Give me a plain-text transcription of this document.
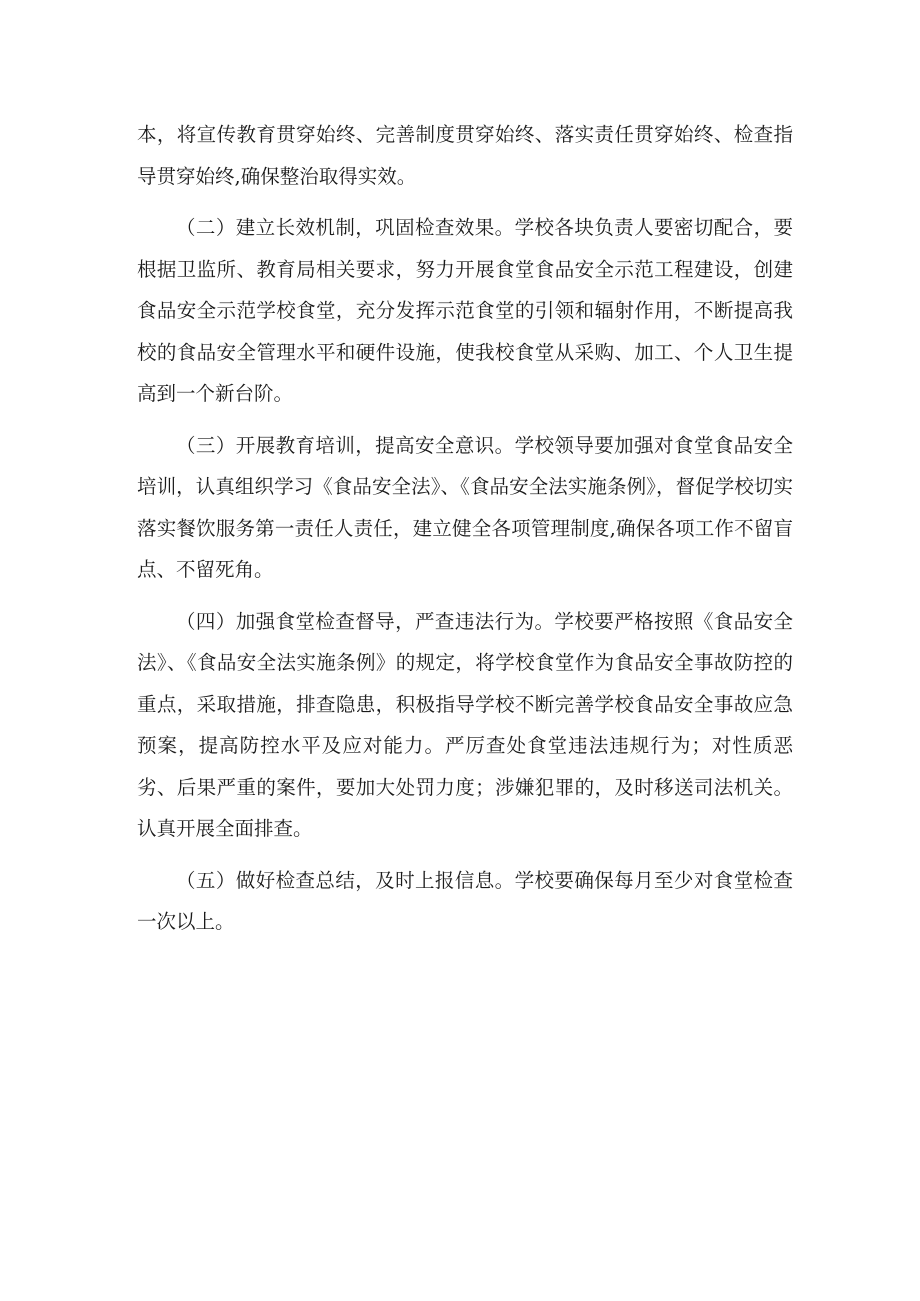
本，将宣传教育贯穿始终、完善制度贯穿始终、落实责任贯穿始终、检查指导贯穿始终,确保整治取得实效。

（二）建立长效机制，巩固检查效果。学校各块负责人要密切配合，要根据卫监所、教育局相关要求，努力开展食堂食品安全示范工程建设，创建食品安全示范学校食堂，充分发挥示范食堂的引领和辐射作用，不断提高我校的食品安全管理水平和硬件设施，使我校食堂从采购、加工、个人卫生提高到一个新台阶。

（三）开展教育培训，提高安全意识。学校领导要加强对食堂食品安全培训，认真组织学习《食品安全法》、《食品安全法实施条例》，督促学校切实落实餐饮服务第一责任人责任，建立健全各项管理制度,确保各项工作不留盲点、不留死角。

（四）加强食堂检查督导，严查违法行为。学校要严格按照《食品安全法》、《食品安全法实施条例》的规定，将学校食堂作为食品安全事故防控的重点，采取措施，排查隐患，积极指导学校不断完善学校食品安全事故应急预案，提高防控水平及应对能力。严厉查处食堂违法违规行为；对性质恶劣、后果严重的案件，要加大处罚力度；涉嫌犯罪的，及时移送司法机关。认真开展全面排查。

（五）做好检查总结，及时上报信息。学校要确保每月至少对食堂检查一次以上。
